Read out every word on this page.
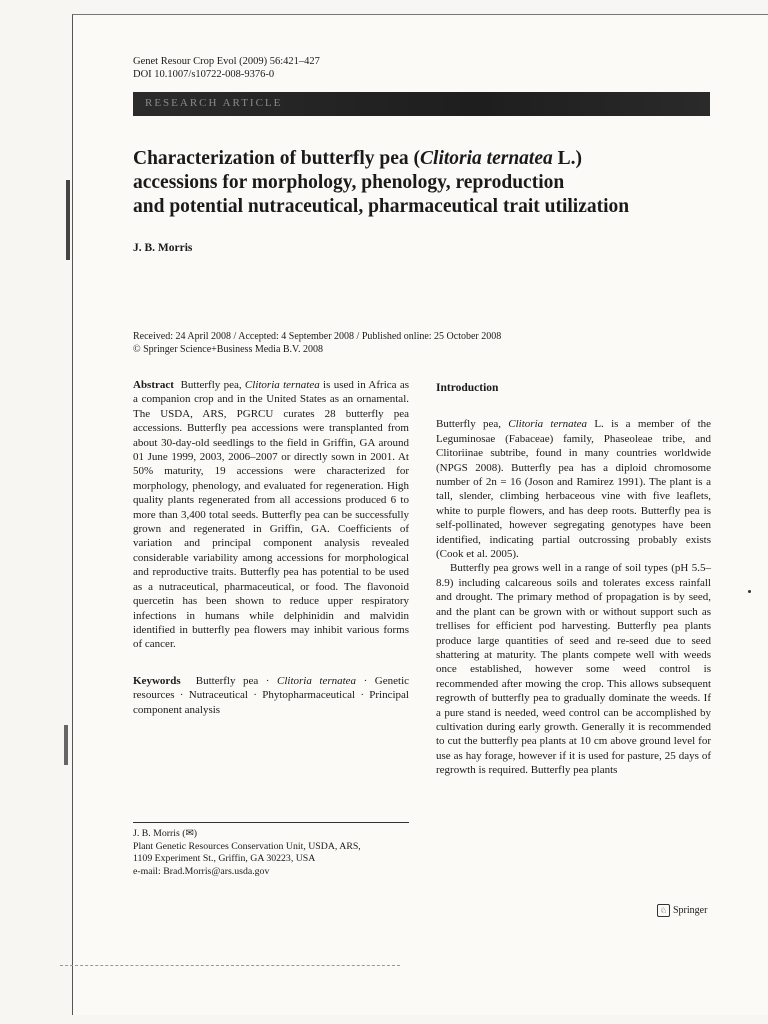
Genet Resour Crop Evol (2009) 56:421–427
DOI 10.1007/s10722-008-9376-0
RESEARCH ARTICLE
Characterization of butterfly pea (Clitoria ternatea L.)
accessions for morphology, phenology, reproduction
and potential nutraceutical, pharmaceutical trait utilization
J. B. Morris
Received: 24 April 2008 / Accepted: 4 September 2008 / Published online: 25 October 2008
© Springer Science+Business Media B.V. 2008

Abstract Butterfly pea, Clitoria ternatea is used in Africa as a companion crop and in the United States as an ornamental. The USDA, ARS, PGRCU curates 28 butterfly pea accessions. Butterfly pea accessions were transplanted from about 30-day-old seedlings to the field in Griffin, GA around 01 June 1999, 2003, 2006–2007 or directly sown in 2001. At 50% maturity, 19 accessions were characterized for morphology, phenology, and evaluated for regeneration. High quality plants regenerated from all accessions produced 6 to more than 3,400 total seeds. Butterfly pea can be successfully grown and regenerated in Griffin, GA. Coefficients of variation and principal component analysis revealed considerable variability among accessions for morphological and reproductive traits. Butterfly pea has potential to be used as a nutraceutical, pharmaceutical, or food. The flavonoid quercetin has been shown to reduce upper respiratory infections in humans while delphinidin and malvidin identified in butterfly pea flowers may inhibit various forms of cancer.

Keywords Butterfly pea · Clitoria ternatea · Genetic resources · Nutraceutical · Phytopharmaceutical · Principal component analysis

J. B. Morris (✉)
Plant Genetic Resources Conservation Unit, USDA, ARS,
1109 Experiment St., Griffin, GA 30223, USA
e-mail: Brad.Morris@ars.usda.gov

Introduction

Butterfly pea, Clitoria ternatea L. is a member of the Leguminosae (Fabaceae) family, Phaseoleae tribe, and Clitoriinae subtribe, found in many countries worldwide (NPGS 2008). Butterfly pea has a diploid chromosome number of 2n = 16 (Joson and Ramirez 1991). The plant is a tall, slender, climbing herbaceous vine with five leaflets, white to purple flowers, and has deep roots. Butterfly pea is self-pollinated, however segregating genotypes have been identified, indicating partial outcrossing probably exists (Cook et al. 2005).

Butterfly pea grows well in a range of soil types (pH 5.5–8.9) including calcareous soils and tolerates excess rainfall and drought. The primary method of propagation is by seed, and the plant can be grown with or without support such as trellises for efficient pod harvesting. Butterfly pea plants produce large quantities of seed and re-seed due to seed shattering at maturity. The plants compete well with weeds once established, however some weed control is recommended after mowing the crop. This allows subsequent regrowth of butterfly pea to gradually dominate the weeds. If a pure stand is needed, weed control can be accomplished by cultivation during early growth. Generally it is recommended to cut the butterfly pea plants at 10 cm above ground level for use as hay forage, however if it is used for pasture, 25 days of regrowth is required. Butterfly pea plants

♘ Springer
